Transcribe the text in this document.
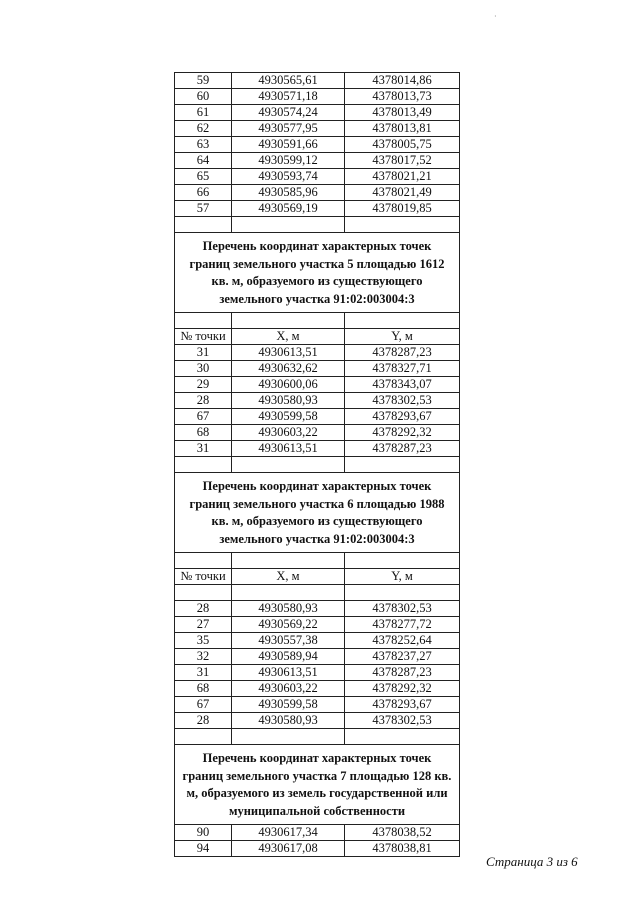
·
59	4930565,61	4378014,86
60	4930571,18	4378013,73
61	4930574,24	4378013,49
62	4930577,95	4378013,81
63	4930591,66	4378005,75
64	4930599,12	4378017,52
65	4930593,74	4378021,21
66	4930585,96	4378021,49
57	4930569,19	4378019,85

Перечень координат характерных точек границ земельного участка 5 площадью 1612 кв. м, образуемого из существующего земельного участка 91:02:003004:3		

№ точки	X, м	Y, м
31	4930613,51	4378287,23
30	4930632,62	4378327,71
29	4930600,06	4378343,07
28	4930580,93	4378302,53
67	4930599,58	4378293,67
68	4930603,22	4378292,32
31	4930613,51	4378287,23

Перечень координат характерных точек границ земельного участка 6 площадью 1988 кв. м, образуемого из существующего земельного участка 91:02:003004:3		

№ точки	X, м	Y, м

28	4930580,93	4378302,53
27	4930569,22	4378277,72
35	4930557,38	4378252,64
32	4930589,94	4378237,27
31	4930613,51	4378287,23
68	4930603,22	4378292,32
67	4930599,58	4378293,67
28	4930580,93	4378302,53

Перечень координат характерных точек границ земельного участка 7 площадью 128 кв. м, образуемого из земель государственной или муниципальной собственности		
90	4930617,34	4378038,52
94	4930617,08	4378038,81
Страница 3 из 6
